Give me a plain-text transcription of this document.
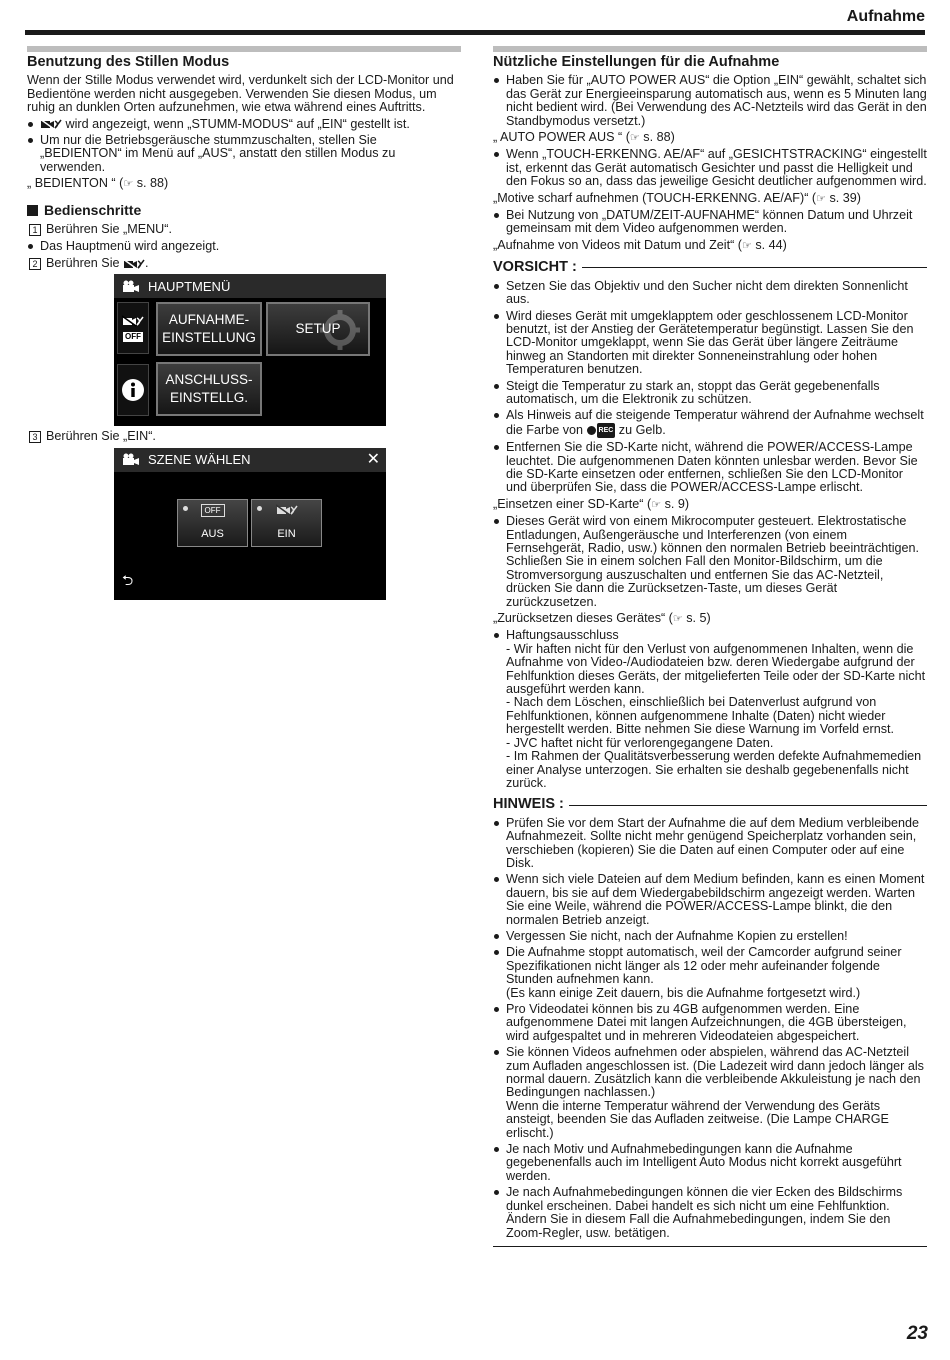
Aufnahme
Benutzung des Stillen Modus

Wenn der Stille Modus verwendet wird, verdunkelt sich der LCD-Monitor und Bedientöne werden nicht ausgegeben. Verwenden Sie diesen Modus, um ruhig an dunklen Orten aufzunehmen, wie etwa während eines Auftritts.

wird angezeigt, wenn „STUMM-MODUS“ auf „EIN“ gestellt ist.
Um nur die Betriebsgeräusche stummzuschalten, stellen Sie „BEDIENTON“ im Menü auf „AUS“, anstatt den stillen Modus zu verwenden.
„ BEDIENTON “ (☞ s. 88)
Bedienschritte
1 Berühren Sie „MENU“.
Das Hauptmenü wird angezeigt.
2 Berühren Sie
.
HAUPTMENÜ
OFF
AUFNAHME-
EINSTELLUNG
SETUP
ANSCHLUSS-
EINSTELLG.
3 Berühren Sie „EIN“.
SZENE WÄHLEN	✕
OFF
AUS	EIN
⮌
Nützliche Einstellungen für die Aufnahme
Haben Sie für „AUTO POWER AUS“ die Option „EIN“ gewählt, schaltet sich das Gerät zur Energieeinsparung automatisch aus, wenn es 5 Minuten lang nicht bedient wird. (Bei Verwendung des AC-Netzteils wird das Gerät in den Standbymodus versetzt.)
„ AUTO POWER AUS “ (☞ s. 88)
Wenn „TOUCH-ERKENNG. AE/AF“ auf „GESICHTSTRACKING“ eingestellt ist, erkennt das Gerät automatisch Gesichter und passt die Helligkeit und den Fokus so an, dass das jeweilige Gesicht deutlicher aufgenommen wird.
„Motive scharf aufnehmen (TOUCH-ERKENNG. AE/AF)“ (☞ s. 39)
Bei Nutzung von „DATUM/ZEIT-AUFNAHME“ können Datum und Uhrzeit gemeinsam mit dem Video aufgenommen werden.
„Aufnahme von Videos mit Datum und Zeit“ (☞ s. 44)
VORSICHT :
Setzen Sie das Objektiv und den Sucher nicht dem direkten Sonnenlicht aus.
Wird dieses Gerät mit umgeklapptem oder geschlossenem LCD-Monitor benutzt, ist der Anstieg der Gerätetemperatur begünstigt. Lassen Sie den LCD-Monitor umgeklappt, wenn Sie das Gerät über längere Zeiträume hinweg an Standorten mit direkter Sonneneinstrahlung oder hohen Temperaturen benutzen.
Steigt die Temperatur zu stark an, stoppt das Gerät gegebenenfalls automatisch, um die Elektronik zu schützen.
Als Hinweis auf die steigende Temperatur während der Aufnahme wechselt die Farbe von REC zu Gelb.
Entfernen Sie die SD-Karte nicht, während die POWER/ACCESS-Lampe leuchtet. Die aufgenommenen Daten könnten unlesbar werden. Bevor Sie die SD-Karte einsetzen oder entfernen, schließen Sie den LCD-Monitor und überprüfen Sie, dass die POWER/ACCESS-Lampe erlischt.
„Einsetzen einer SD-Karte“ (☞ s. 9)
Dieses Gerät wird von einem Mikrocomputer gesteuert. Elektrostatische Entladungen, Außengeräusche und Interferenzen (von einem Fernsehgerät, Radio, usw.) können den normalen Betrieb beeinträchtigen. Schließen Sie in einem solchen Fall den Monitor-Bildschirm, um die Stromversorgung auszuschalten und entfernen Sie das AC-Netzteil, drücken Sie dann die Zurücksetzen-Taste, um dieses Gerät zurückzusetzen.
„Zurücksetzen dieses Gerätes“ (☞ s. 5)
Haftungsausschluss
- Wir haften nicht für den Verlust von aufgenommenen Inhalten, wenn die Aufnahme von Video-/Audiodateien bzw. deren Wiedergabe aufgrund der Fehlfunktion dieses Geräts, der mitgelieferten Teile oder der SD-Karte nicht ausgeführt werden kann.
- Nach dem Löschen, einschließlich bei Datenverlust aufgrund von Fehlfunktionen, können aufgenommene Inhalte (Daten) nicht wieder hergestellt werden. Bitte nehmen Sie diese Warnung im Vorfeld ernst.
- JVC haftet nicht für verlorengegangene Daten.
- Im Rahmen der Qualitätsverbesserung werden defekte Aufnahmemedien einer Analyse unterzogen. Sie erhalten sie deshalb gegebenenfalls nicht zurück.
HINWEIS :
Prüfen Sie vor dem Start der Aufnahme die auf dem Medium verbleibende Aufnahmezeit. Sollte nicht mehr genügend Speicherplatz vorhanden sein, verschieben (kopieren) Sie die Daten auf einen Computer oder auf eine Disk.
Wenn sich viele Dateien auf dem Medium befinden, kann es einen Moment dauern, bis sie auf dem Wiedergabebildschirm angezeigt werden. Warten Sie eine Weile, während die POWER/ACCESS-Lampe blinkt, die den normalen Betrieb anzeigt.
Vergessen Sie nicht, nach der Aufnahme Kopien zu erstellen!
Die Aufnahme stoppt automatisch, weil der Camcorder aufgrund seiner Spezifikationen nicht länger als 12 oder mehr aufeinander folgende Stunden aufnehmen kann.
(Es kann einige Zeit dauern, bis die Aufnahme fortgesetzt wird.)
Pro Videodatei können bis zu 4GB aufgenommen werden. Eine aufgenommene Datei mit langen Aufzeichnungen, die 4GB übersteigen, wird aufgespaltet und in mehreren Videodateien abgespeichert.
Sie können Videos aufnehmen oder abspielen, während das AC-Netzteil zum Aufladen angeschlossen ist. (Die Ladezeit wird dann jedoch länger als normal dauern. Zusätzlich kann die verbleibende Akkuleistung je nach den Bedingungen nachlassen.)
Wenn die interne Temperatur während der Verwendung des Geräts ansteigt, beenden Sie das Aufladen zeitweise. (Die Lampe CHARGE erlischt.)
Je nach Motiv und Aufnahmebedingungen kann die Aufnahme gegebenenfalls auch im Intelligent Auto Modus nicht korrekt ausgeführt werden.
Je nach Aufnahmebedingungen können die vier Ecken des Bildschirms dunkel erscheinen. Dabei handelt es sich nicht um eine Fehlfunktion. Ändern Sie in diesem Fall die Aufnahmebedingungen, indem Sie den Zoom-Regler, usw. betätigen.
23
